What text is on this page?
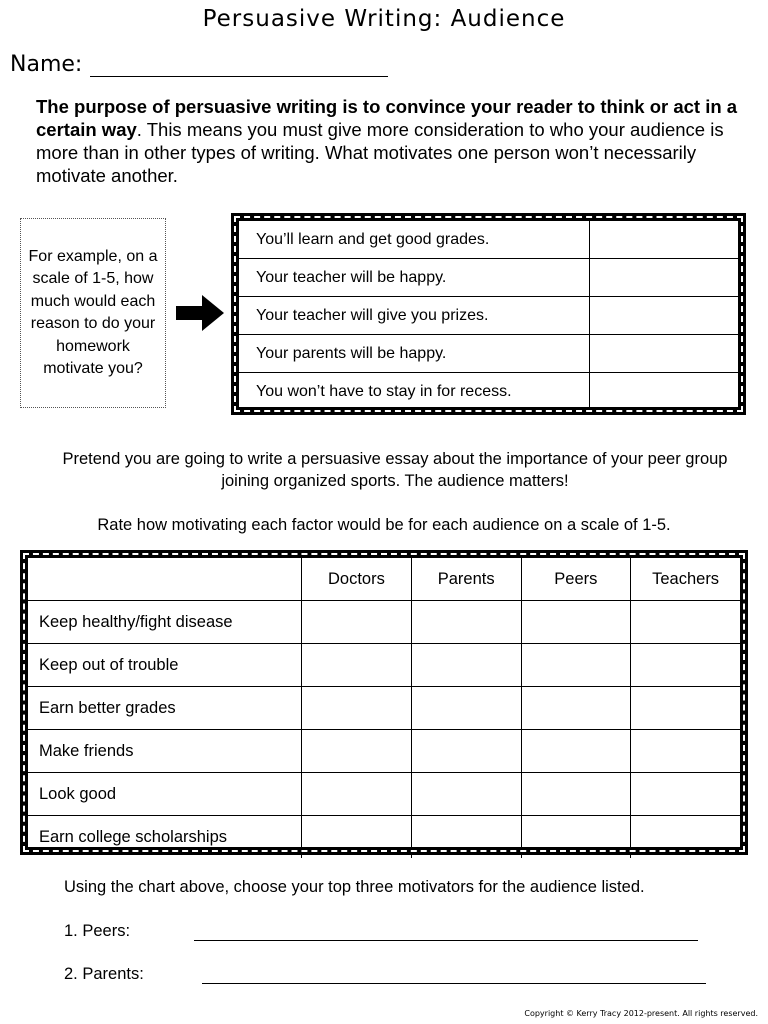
Persuasive Writing: Audience
Name:
The purpose of persuasive writing is to convince your reader to think or act in a certain way. This means you must give more consideration to who your audience is more than in other types of writing. What motivates one person won’t necessarily motivate another.
For example, on a scale of 1-5, how much would each reason to do your homework motivate you?
You’ll learn and get good grades.	
Your teacher will be happy.	
Your teacher will give you prizes.	
Your parents will be happy.	
You won’t have to stay in for recess.	
Pretend you are going to write a persuasive essay about the importance of your peer group joining organized sports. The audience matters!
Rate how motivating each factor would be for each audience on a scale of 1-5.
	Doctors	Parents	Peers	Teachers
Keep healthy/fight disease				
Keep out of trouble				
Earn better grades				
Make friends				
Look good				
Earn college scholarships				
Using the chart above, choose your top three motivators for the audience listed.
1. Peers:
2. Parents:
Copyright © Kerry Tracy 2012-present. All rights reserved.
